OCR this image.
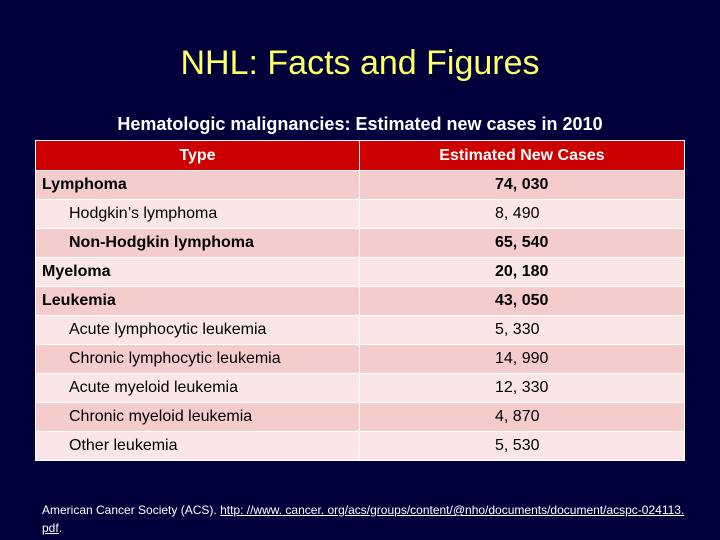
NHL: Facts and Figures
Hematologic malignancies: Estimated new cases in 2010
Type	Estimated New Cases
Lymphoma	74, 030
Hodgkin’s lymphoma	8, 490
Non-Hodgkin lymphoma	65, 540
Myeloma	20, 180
Leukemia	43, 050
Acute lymphocytic leukemia	5, 330
Chronic lymphocytic leukemia	14, 990
Acute myeloid leukemia	12, 330
Chronic myeloid leukemia	4, 870
Other leukemia	5, 530
American Cancer Society (ACS). http: //www. cancer. org/acs/groups/content/@nho/documents/document/acspc-024113. pdf.
